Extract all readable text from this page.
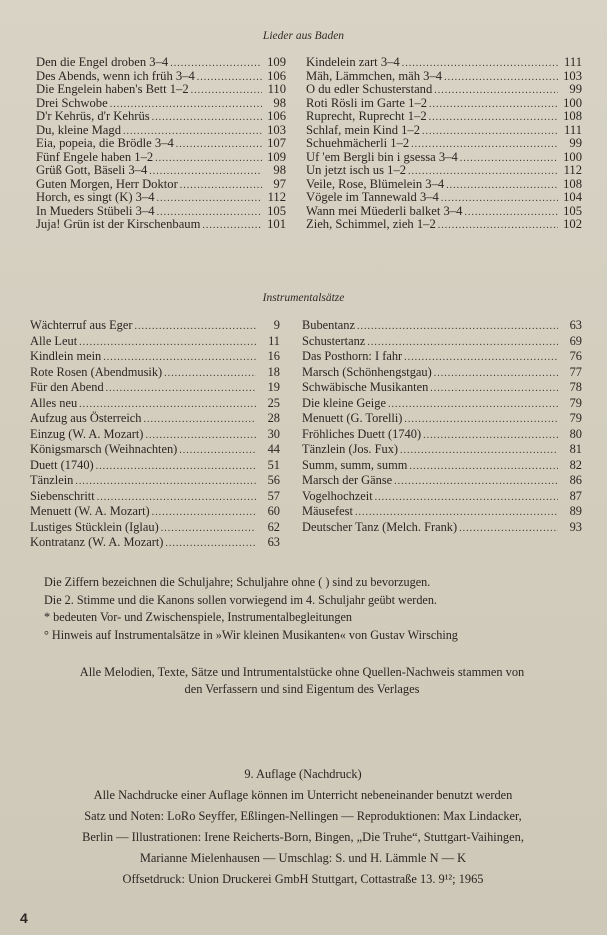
Lieder aus Baden
Den die Engel droben 3–4 .....	109
Des Abends, wenn ich früh 3–4 .....	106
Die Engelein haben's Bett 1–2 .....	110
Drei Schwobe .....	98
D'r Kehrüs, d'r Kehrüs .....	106
Du, kleine Magd .....	103
Eia, popeia, die Brödle 3–4 .....	107
Fünf Engele haben 1–2 .....	109
Grüß Gott, Bäseli 3–4 .....	98
Guten Morgen, Herr Doktor .....	97
Horch, es singt (K) 3–4 .....	112
In Mueders Stübeli 3–4 .....	105
Juja! Grün ist der Kirschenbaum .....	101
Kindelein zart 3–4 .....	111
Mäh, Lämmchen, mäh 3–4 .....	103
O du edler Schusterstand .....	99
Roti Rösli im Garte 1–2 .....	100
Ruprecht, Ruprecht 1–2 .....	108
Schlaf, mein Kind 1–2 .....	111
Schuehmächerli 1–2 .....	99
Uf 'em Bergli bin i gsessa 3–4 .....	100
Un jetzt isch us 1–2 .....	112
Veile, Rose, Blümelein 3–4 .....	108
Vögele im Tannewald 3–4 .....	104
Wann mei Müederli balket 3–4 .....	105
Zieh, Schimmel, zieh 1–2 .....	102
Instrumentalsätze
Wächterruf aus Eger .....	9
Alle Leut .....	11
Kindlein mein .....	16
Rote Rosen (Abendmusik) .....	18
Für den Abend .....	19
Alles neu .....	25
Aufzug aus Österreich .....	28
Einzug (W. A. Mozart) .....	30
Königsmarsch (Weihnachten) .....	44
Duett (1740) .....	51
Tänzlein .....	56
Siebenschritt .....	57
Menuett (W. A. Mozart) .....	60
Lustiges Stücklein (Iglau) .....	62
Kontratanz (W. A. Mozart) .....	63
Bubentanz .....	63
Schustertanz .....	69
Das Posthorn: I fahr .....	76
Marsch (Schönhengstgau) .....	77
Schwäbische Musikanten .....	78
Die kleine Geige .....	79
Menuett (G. Torelli) .....	79
Fröhliches Duett (1740) .....	80
Tänzlein (Jos. Fux) .....	81
Summ, summ, summ .....	82
Marsch der Gänse .....	86
Vogelhochzeit .....	87
Mäusefest .....	89
Deutscher Tanz (Melch. Frank) .....	93
Die Ziffern bezeichnen die Schuljahre; Schuljahre ohne ( ) sind zu bevorzugen.
Die 2. Stimme und die Kanons sollen vorwiegend im 4. Schuljahr geübt werden.
* bedeuten Vor- und Zwischenspiele, Instrumentalbegleitungen
° Hinweis auf Instrumentalsätze in »Wir kleinen Musikanten« von Gustav Wirsching
Alle Melodien, Texte, Sätze und Intrumentalstücke ohne Quellen-Nachweis stammen von
den Verfassern und sind Eigentum des Verlages
9. Auflage (Nachdruck)
Alle Nachdrucke einer Auflage können im Unterricht nebeneinander benutzt werden
Satz und Noten: LoRo Seyffer, Eßlingen-Nellingen — Reproduktionen: Max Lindacker,
Berlin — Illustrationen: Irene Reicherts-Born, Bingen, „Die Truhe“, Stuttgart-Vaihingen,
Marianne Mielenhausen — Umschlag: S. und H. Lämmle N — K
Offsetdruck: Union Druckerei GmbH Stuttgart, Cottastraße 13. 9¹²; 1965
4
